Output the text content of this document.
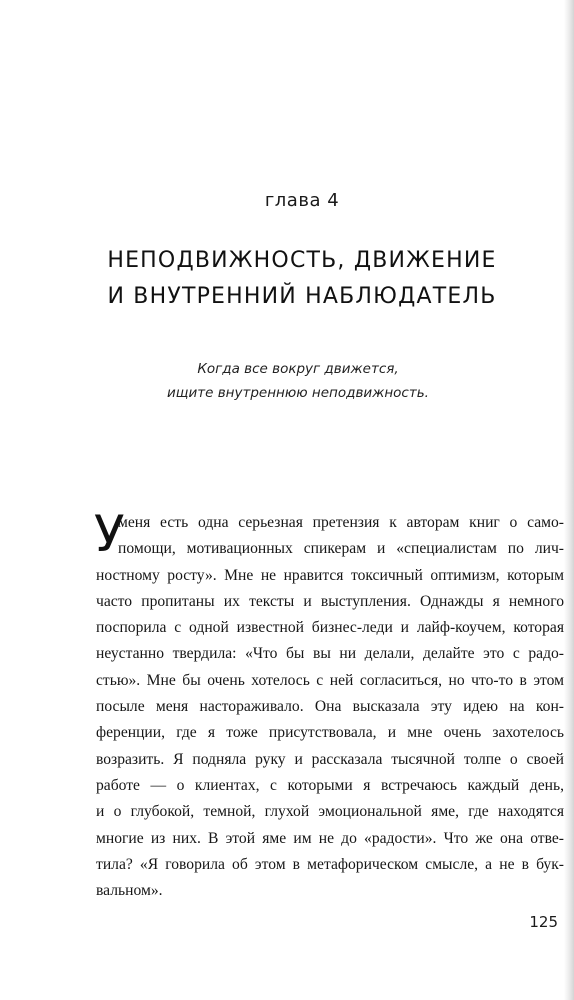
глава 4
НЕПОДВИЖНОСТЬ, ДВИЖЕНИЕ
И ВНУТРЕННИЙ НАБЛЮДАТЕЛЬ
Когда все вокруг движется,
ищите внутреннюю неподвижность.
У
меня есть одна серьезная претензия к авторам книг о само-
помощи, мотивационных спикерам и «специалистам по лич-
ностному росту». Мне не нравится токсичный оптимизм, которым
часто пропитаны их тексты и выступления. Однажды я немного
поспорила с одной известной бизнес-леди и лайф-коучем, которая
неустанно твердила: «Что бы вы ни делали, делайте это с радо-
стью». Мне бы очень хотелось с ней согласиться, но что-то в этом
посыле меня настораживало. Она высказала эту идею на кон-
ференции, где я тоже присутствовала, и мне очень захотелось
возразить. Я подняла руку и рассказала тысячной толпе о своей
работе — о клиентах, с которыми я встречаюсь каждый день,
и о глубокой, темной, глухой эмоциональной яме, где находятся
многие из них. В этой яме им не до «радости». Что же она отве-
тила? «Я говорила об этом в метафорическом смысле, а не в бук-
вальном».
125
